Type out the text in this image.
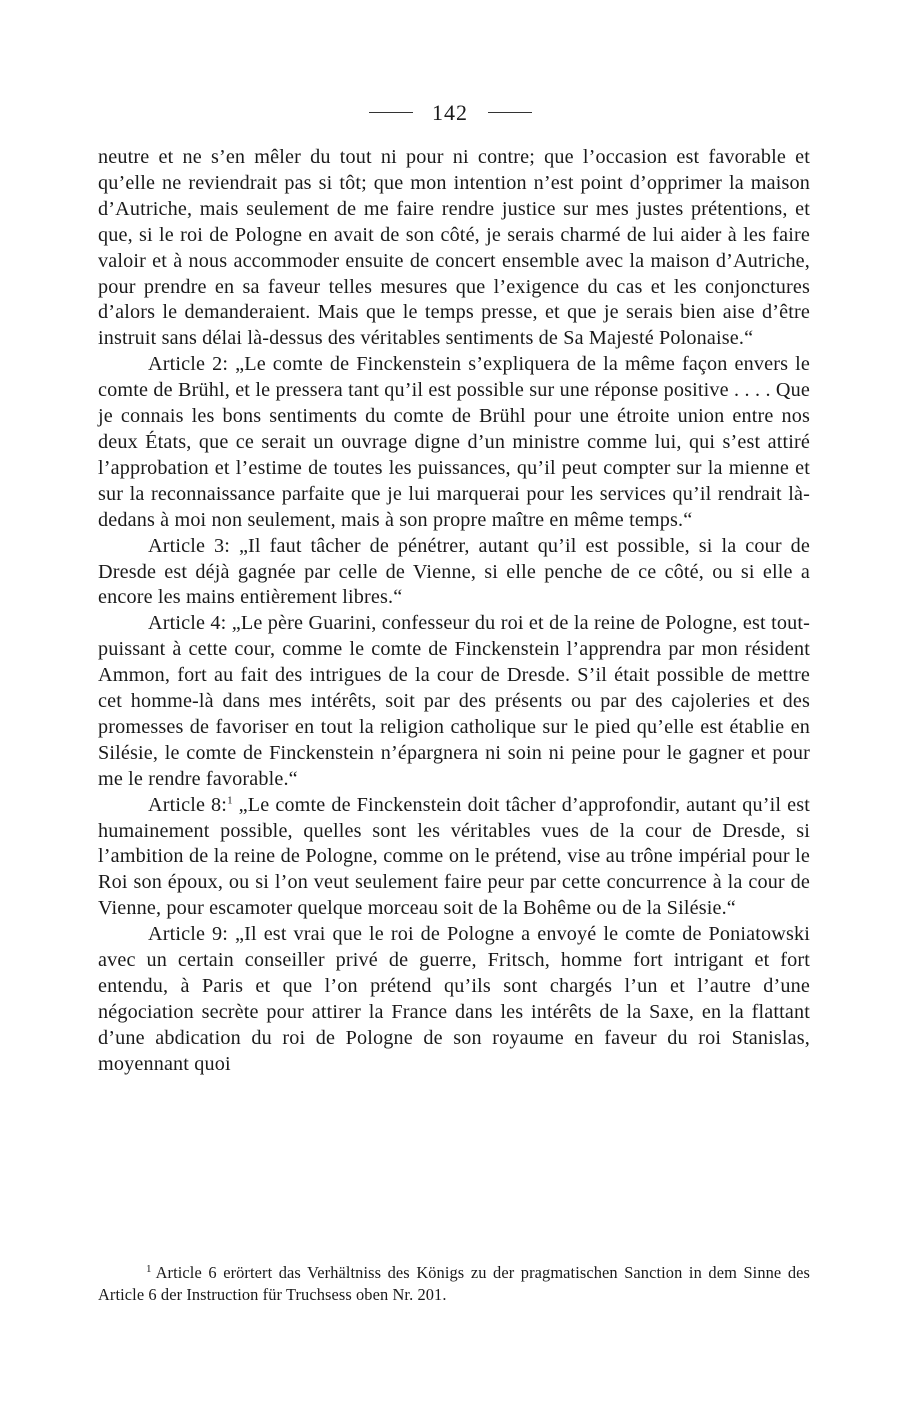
142

neutre et ne s’en mêler du tout ni pour ni contre; que l’occasion est favorable et qu’elle ne reviendrait pas si tôt; que mon intention n’est point d’opprimer la maison d’Autriche, mais seulement de me faire rendre justice sur mes justes prétentions, et que, si le roi de Pologne en avait de son côté, je serais charmé de lui aider à les faire valoir et à nous accommoder ensuite de concert ensemble avec la maison d’Autriche, pour prendre en sa faveur telles mesures que l’exigence du cas et les conjonctures d’alors le demanderaient. Mais que le temps presse, et que je serais bien aise d’être instruit sans délai là-dessus des véritables sentiments de Sa Majesté Polonaise.“

Article 2: „Le comte de Finckenstein s’expliquera de la même façon envers le comte de Brühl, et le pressera tant qu’il est possible sur une réponse positive . . . . Que je connais les bons sentiments du comte de Brühl pour une étroite union entre nos deux États, que ce serait un ouvrage digne d’un ministre comme lui, qui s’est attiré l’approbation et l’estime de toutes les puissances, qu’il peut compter sur la mienne et sur la reconnaissance parfaite que je lui marquerai pour les services qu’il rendrait là-dedans à moi non seulement, mais à son propre maître en même temps.“

Article 3: „Il faut tâcher de pénétrer, autant qu’il est possible, si la cour de Dresde est déjà gagnée par celle de Vienne, si elle penche de ce côté, ou si elle a encore les mains entièrement libres.“

Article 4: „Le père Guarini, confesseur du roi et de la reine de Pologne, est tout-puissant à cette cour, comme le comte de Finckenstein l’apprendra par mon résident Ammon, fort au fait des intrigues de la cour de Dresde. S’il était possible de mettre cet homme-là dans mes intérêts, soit par des présents ou par des cajoleries et des promesses de favoriser en tout la religion catholique sur le pied qu’elle est établie en Silésie, le comte de Finckenstein n’épargnera ni soin ni peine pour le gagner et pour me le rendre favorable.“

Article 8:$^1$ „Le comte de Finckenstein doit tâcher d’approfondir, autant qu’il est humainement possible, quelles sont les véritables vues de la cour de Dresde, si l’ambition de la reine de Pologne, comme on le prétend, vise au trône impérial pour le Roi son époux, ou si l’on veut seulement faire peur par cette concurrence à la cour de Vienne, pour escamoter quelque morceau soit de la Bohême ou de la Silésie.“

Article 9: „Il est vrai que le roi de Pologne a envoyé le comte de Poniatowski avec un certain conseiller privé de guerre, Fritsch, homme fort intrigant et fort entendu, à Paris et que l’on prétend qu’ils sont chargés l’un et l’autre d’une négociation secrète pour attirer la France dans les intérêts de la Saxe, en la flattant d’une abdication du roi de Pologne de son royaume en faveur du roi Stanislas, moyennant quoi

$^1$ Article 6 erörtert das Verhältniss des Königs zu der pragmatischen Sanction in dem Sinne des Article 6 der Instruction für Truchsess oben Nr. 201.
